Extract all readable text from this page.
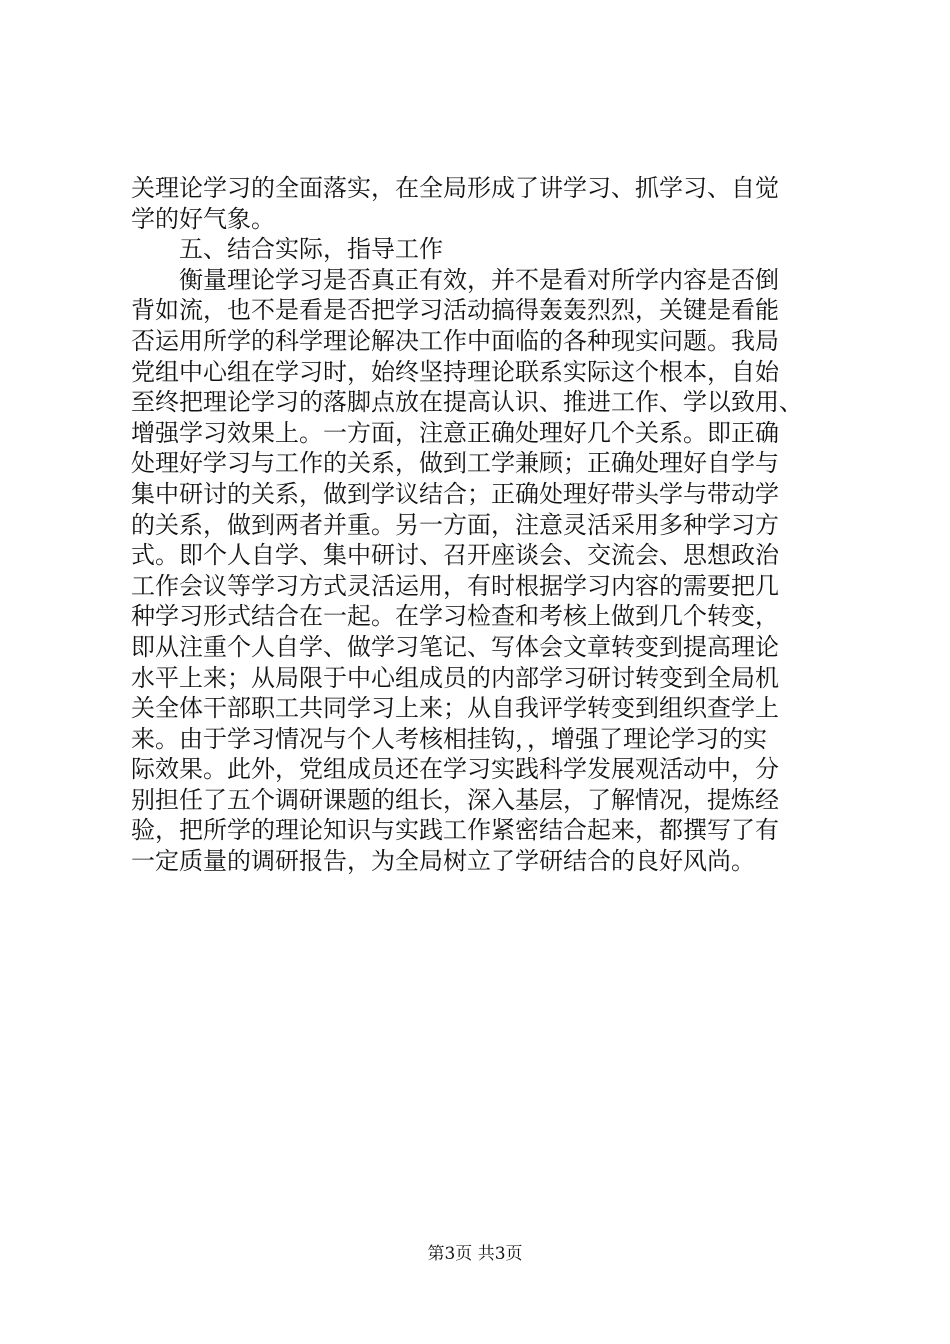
关理论学习的全面落实，在全局形成了讲学习、抓学习、自觉
学的好气象。
五、结合实际，指导工作
衡量理论学习是否真正有效，并不是看对所学内容是否倒
背如流，也不是看是否把学习活动搞得轰轰烈烈，关键是看能
否运用所学的科学理论解决工作中面临的各种现实问题。我局
党组中心组在学习时，始终坚持理论联系实际这个根本，自始
至终把理论学习的落脚点放在提高认识、推进工作、学以致用、
增强学习效果上。一方面，注意正确处理好几个关系。即正确
处理好学习与工作的关系，做到工学兼顾；正确处理好自学与
集中研讨的关系，做到学议结合；正确处理好带头学与带动学
的关系，做到两者并重。另一方面，注意灵活采用多种学习方
式。即个人自学、集中研讨、召开座谈会、交流会、思想政治
工作会议等学习方式灵活运用，有时根据学习内容的需要把几
种学习形式结合在一起。在学习检查和考核上做到几个转变，
即从注重个人自学、做学习笔记、写体会文章转变到提高理论
水平上来；从局限于中心组成员的内部学习研讨转变到全局机
关全体干部职工共同学习上来；从自我评学转变到组织查学上
来。由于学习情况与个人考核相挂钩，，增强了理论学习的实
际效果。此外，党组成员还在学习实践科学发展观活动中，分
别担任了五个调研课题的组长，深入基层，了解情况，提炼经
验，把所学的理论知识与实践工作紧密结合起来，都撰写了有
一定质量的调研报告，为全局树立了学研结合的良好风尚。
第3页 共3页
